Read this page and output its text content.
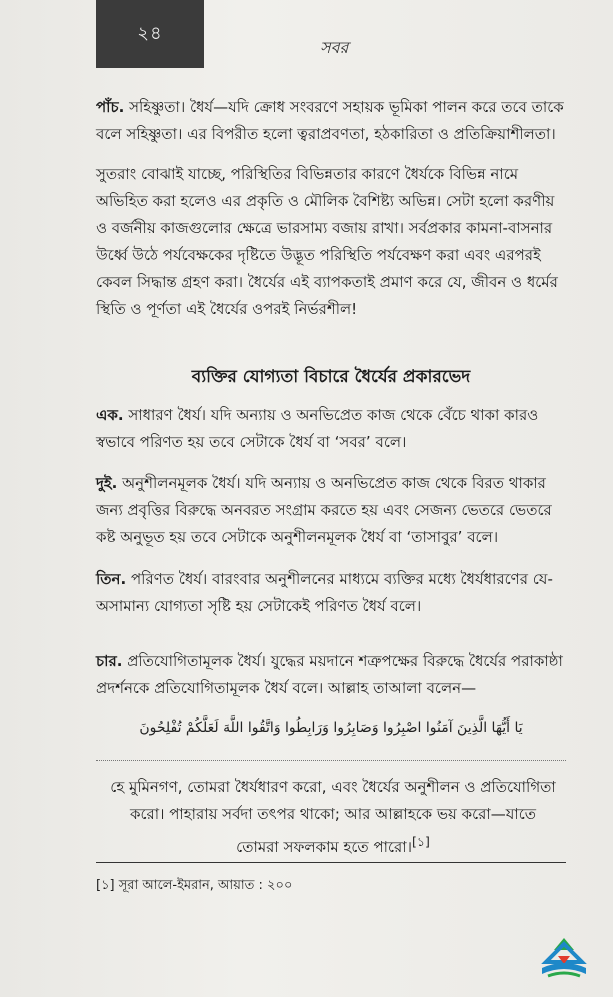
২৪
সবর
পাঁচ. সহিষ্ণুতা। ধৈর্য—যদি ক্রোধ সংবরণে সহায়ক ভূমিকা পালন করে তবে তাকে বলে সহিষ্ণুতা। এর বিপরীত হলো ত্বরাপ্রবণতা, হঠকারিতা ও প্রতিক্রিয়াশীলতা।
সুতরাং বোঝাই যাচ্ছে, পরিস্থিতির বিভিন্নতার কারণে ধৈর্যকে বিভিন্ন নামে অভিহিত করা হলেও এর প্রকৃতি ও মৌলিক বৈশিষ্ট্য অভিন্ন। সেটা হলো করণীয় ও বর্জনীয় কাজগুলোর ক্ষেত্রে ভারসাম্য বজায় রাখা। সর্বপ্রকার কামনা-বাসনার উর্ধ্বে উঠে পর্যবেক্ষকের দৃষ্টিতে উদ্ভূত পরিস্থিতি পর্যবেক্ষণ করা এবং এরপরই কেবল সিদ্ধান্ত গ্রহণ করা। ধৈর্যের এই ব্যাপকতাই প্রমাণ করে যে, জীবন ও ধর্মের স্থিতি ও পূর্ণতা এই ধৈর্যের ওপরই নির্ভরশীল!
ব্যক্তির যোগ্যতা বিচারে ধৈর্যের প্রকারভেদ
এক. সাধারণ ধৈর্য। যদি অন্যায় ও অনভিপ্রেত কাজ থেকে বেঁচে থাকা কারও স্বভাবে পরিণত হয় তবে সেটাকে ধৈর্য বা ‘সবর’ বলে।
দুই. অনুশীলনমূলক ধৈর্য। যদি অন্যায় ও অনভিপ্রেত কাজ থেকে বিরত থাকার জন্য প্রবৃত্তির বিরুদ্ধে অনবরত সংগ্রাম করতে হয় এবং সেজন্য ভেতরে ভেতরে কষ্ট অনুভূত হয় তবে সেটাকে অনুশীলনমূলক ধৈর্য বা ‘তাসাবুর’ বলে।
তিন. পরিণত ধৈর্য। বারংবার অনুশীলনের মাধ্যমে ব্যক্তির মধ্যে ধৈর্যধারণের যে-অসামান্য যোগ্যতা সৃষ্টি হয় সেটাকেই পরিণত ধৈর্য বলে।
চার. প্রতিযোগিতামূলক ধৈর্য। যুদ্ধের ময়দানে শত্রুপক্ষের বিরুদ্ধে ধৈর্যের পরাকাষ্ঠা প্রদর্শনকে প্রতিযোগিতামূলক ধৈর্য বলে। আল্লাহ তাআলা বলেন—
يَا أَيُّهَا الَّذِينَ آمَنُوا اصْبِرُوا وَصَابِرُوا وَرَابِطُوا وَاتَّقُوا اللَّهَ لَعَلَّكُمْ تُفْلِحُونَ
হে মুমিনগণ, তোমরা ধৈর্যধারণ করো, এবং ধৈর্যের অনুশীলন ও প্রতিযোগিতা করো। পাহারায় সর্বদা তৎপর থাকো; আর আল্লাহকে ভয় করো—যাতে তোমরা সফলকাম হতে পারো।[১]
[১] সূরা আলে-ইমরান, আয়াত : ২০০
